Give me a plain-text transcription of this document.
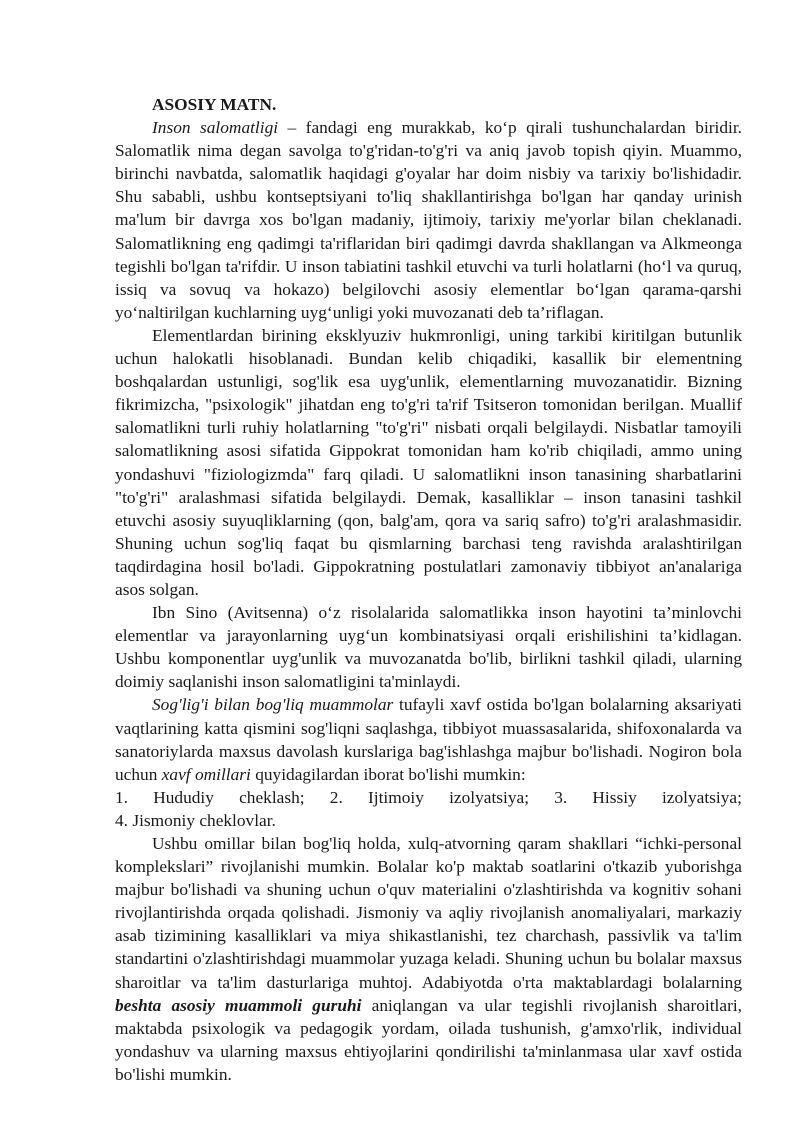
ASOSIY MATN.

Inson salomatligi – fandagi eng murakkab, ko‘p qirali tushunchalardan biridir. Salomatlik nima degan savolga to'g'ridan-to'g'ri va aniq javob topish qiyin. Muammo, birinchi navbatda, salomatlik haqidagi g'oyalar har doim nisbiy va tarixiy bo'lishidadir. Shu sababli, ushbu kontseptsiyani to'liq shakllantirishga bo'lgan har qanday urinish ma'lum bir davrga xos bo'lgan madaniy, ijtimoiy, tarixiy me'yorlar bilan cheklanadi. Salomatlikning eng qadimgi ta'riflaridan biri qadimgi davrda shakllangan va Alkmeonga tegishli bo'lgan ta'rifdir. U inson tabiatini tashkil etuvchi va turli holatlarni (ho‘l va quruq, issiq va sovuq va hokazo) belgilovchi asosiy elementlar bo‘lgan qarama-qarshi yo‘naltirilgan kuchlarning uyg‘unligi yoki muvozanati deb ta’riflagan.

Elementlardan birining eksklyuziv hukmronligi, uning tarkibi kiritilgan butunlik uchun halokatli hisoblanadi. Bundan kelib chiqadiki, kasallik bir elementning boshqalardan ustunligi, sog'lik esa uyg'unlik, elementlarning muvozanatidir. Bizning fikrimizcha, "psixologik" jihatdan eng to'g'ri ta'rif Tsitseron tomonidan berilgan. Muallif salomatlikni turli ruhiy holatlarning "to'g'ri" nisbati orqali belgilaydi. Nisbatlar tamoyili salomatlikning asosi sifatida Gippokrat tomonidan ham ko'rib chiqiladi, ammo uning yondashuvi "fiziologizmda" farq qiladi. U salomatlikni inson tanasining sharbatlarini "to'g'ri" aralashmasi sifatida belgilaydi. Demak, kasalliklar – inson tanasini tashkil etuvchi asosiy suyuqliklarning (qon, balg'am, qora va sariq safro) to'g'ri aralashmasidir. Shuning uchun sog'liq faqat bu qismlarning barchasi teng ravishda aralashtirilgan taqdirdagina hosil bo'ladi. Gippokratning postulatlari zamonaviy tibbiyot an'analariga asos solgan.

Ibn Sino (Avitsenna) o‘z risolalarida salomatlikka inson hayotini ta’minlovchi elementlar va jarayonlarning uyg‘un kombinatsiyasi orqali erishilishini ta’kidlagan. Ushbu komponentlar uyg'unlik va muvozanatda bo'lib, birlikni tashkil qiladi, ularning doimiy saqlanishi inson salomatligini ta'minlaydi.

Sog'lig'i bilan bog'liq muammolar tufayli xavf ostida bo'lgan bolalarning aksariyati vaqtlarining katta qismini sog'liqni saqlashga, tibbiyot muassasalarida, shifoxonalarda va sanatoriylarda maxsus davolash kurslariga bag'ishlashga majbur bo'lishadi. Nogiron bola uchun xavf omillari quyidagilardan iborat bo'lishi mumkin:

1. Hududiy cheklash; 2. Ijtimoiy izolyatsiya; 3. Hissiy izolyatsiya;

4. Jismoniy cheklovlar.

Ushbu omillar bilan bog'liq holda, xulq-atvorning qaram shakllari “ichki-personal komplekslari” rivojlanishi mumkin. Bolalar ko'p maktab soatlarini o'tkazib yuborishga majbur bo'lishadi va shuning uchun o'quv materialini o'zlashtirishda va kognitiv sohani rivojlantirishda orqada qolishadi. Jismoniy va aqliy rivojlanish anomaliyalari, markaziy asab tizimining kasalliklari va miya shikastlanishi, tez charchash, passivlik va ta'lim standartini o'zlashtirishdagi muammolar yuzaga keladi. Shuning uchun bu bolalar maxsus sharoitlar va ta'lim dasturlariga muhtoj. Adabiyotda o'rta maktablardagi bolalarning beshta asosiy muammoli guruhi aniqlangan va ular tegishli rivojlanish sharoitlari, maktabda psixologik va pedagogik yordam, oilada tushunish, g'amxo'rlik, individual yondashuv va ularning maxsus ehtiyojlarini qondirilishi ta'minlanmasa ular xavf ostida bo'lishi mumkin.
